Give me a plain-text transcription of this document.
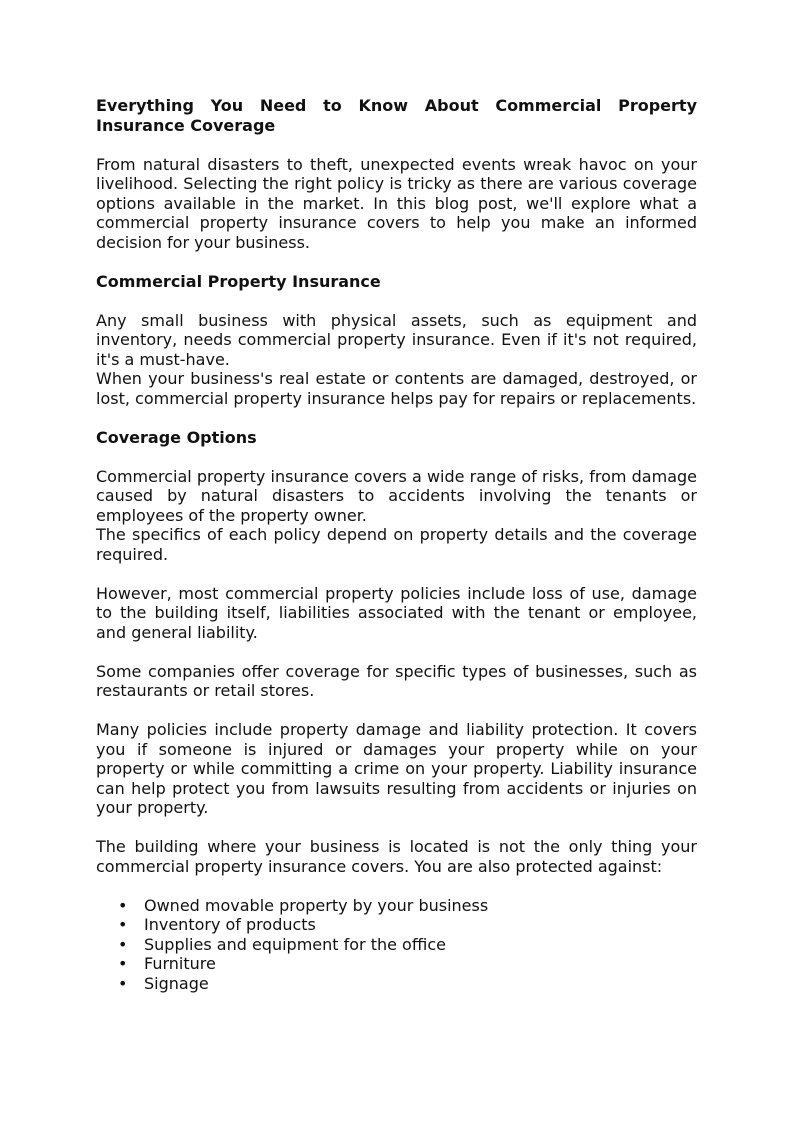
Everything You Need to Know About Commercial Property Insurance Coverage

From natural disasters to theft, unexpected events wreak havoc on your livelihood. Selecting the right policy is tricky as there are various coverage options available in the market. In this blog post, we'll explore what a commercial property insurance covers to help you make an informed decision for your business.

Commercial Property Insurance

Any small business with physical assets, such as equipment and inventory, needs commercial property insurance. Even if it's not required, it's a must-have.

When your business's real estate or contents are damaged, destroyed, or lost, commercial property insurance helps pay for repairs or replacements.

Coverage Options

Commercial property insurance covers a wide range of risks, from damage caused by natural disasters to accidents involving the tenants or employees of the property owner.

The specifics of each policy depend on property details and the coverage required.

However, most commercial property policies include loss of use, damage to the building itself, liabilities associated with the tenant or employee, and general liability.

Some companies offer coverage for specific types of businesses, such as restaurants or retail stores.

Many policies include property damage and liability protection. It covers you if someone is injured or damages your property while on your property or while committing a crime on your property. Liability insurance can help protect you from lawsuits resulting from accidents or injuries on your property.

The building where your business is located is not the only thing your commercial property insurance covers. You are also protected against:

• Owned movable property by your business
• Inventory of products
• Supplies and equipment for the office
• Furniture
• Signage
